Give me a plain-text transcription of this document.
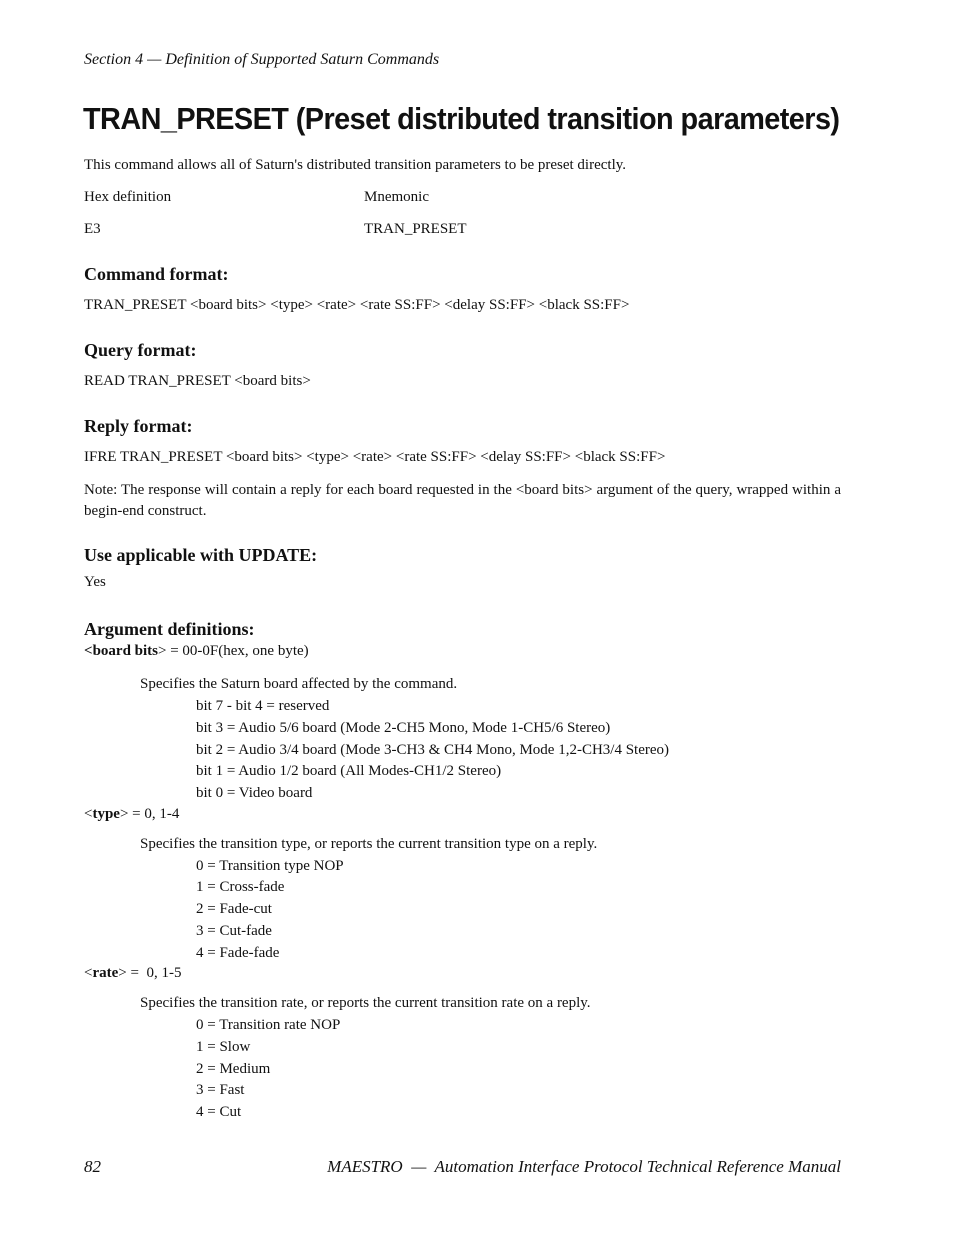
Section 4 — Definition of Supported Saturn Commands
TRAN_PRESET (Preset distributed transition parameters)
This command allows all of Saturn's distributed transition parameters to be preset directly.
Hex definition	Mnemonic
E3	TRAN_PRESET
Command format:
TRAN_PRESET <board bits> <type> <rate> <rate SS:FF> <delay SS:FF> <black SS:FF>
Query format:
READ TRAN_PRESET <board bits>
Reply format:
IFRE TRAN_PRESET <board bits> <type> <rate> <rate SS:FF> <delay SS:FF> <black SS:FF>
Note: The response will contain a reply for each board requested in the <board bits> argument of the query, wrapped within a begin-end construct.
Use applicable with UPDATE:
Yes
Argument definitions:
<board bits> = 00-0F(hex, one byte)
Specifies the Saturn board affected by the command.
bit 7 - bit 4 = reserved
bit 3 = Audio 5/6 board (Mode 2-CH5 Mono, Mode 1-CH5/6 Stereo)
bit 2 = Audio 3/4 board (Mode 3-CH3 & CH4 Mono, Mode 1,2-CH3/4 Stereo)
bit 1 = Audio 1/2 board (All Modes-CH1/2 Stereo)
bit 0 = Video board
<type> = 0, 1-4
Specifies the transition type, or reports the current transition type on a reply.
0 = Transition type NOP
1 = Cross-fade
2 = Fade-cut
3 = Cut-fade
4 = Fade-fade
<rate> =  0, 1-5
Specifies the transition rate, or reports the current transition rate on a reply.
0 = Transition rate NOP
1 = Slow
2 = Medium
3 = Fast
4 = Cut
82	MAESTRO  —  Automation Interface Protocol Technical Reference Manual
